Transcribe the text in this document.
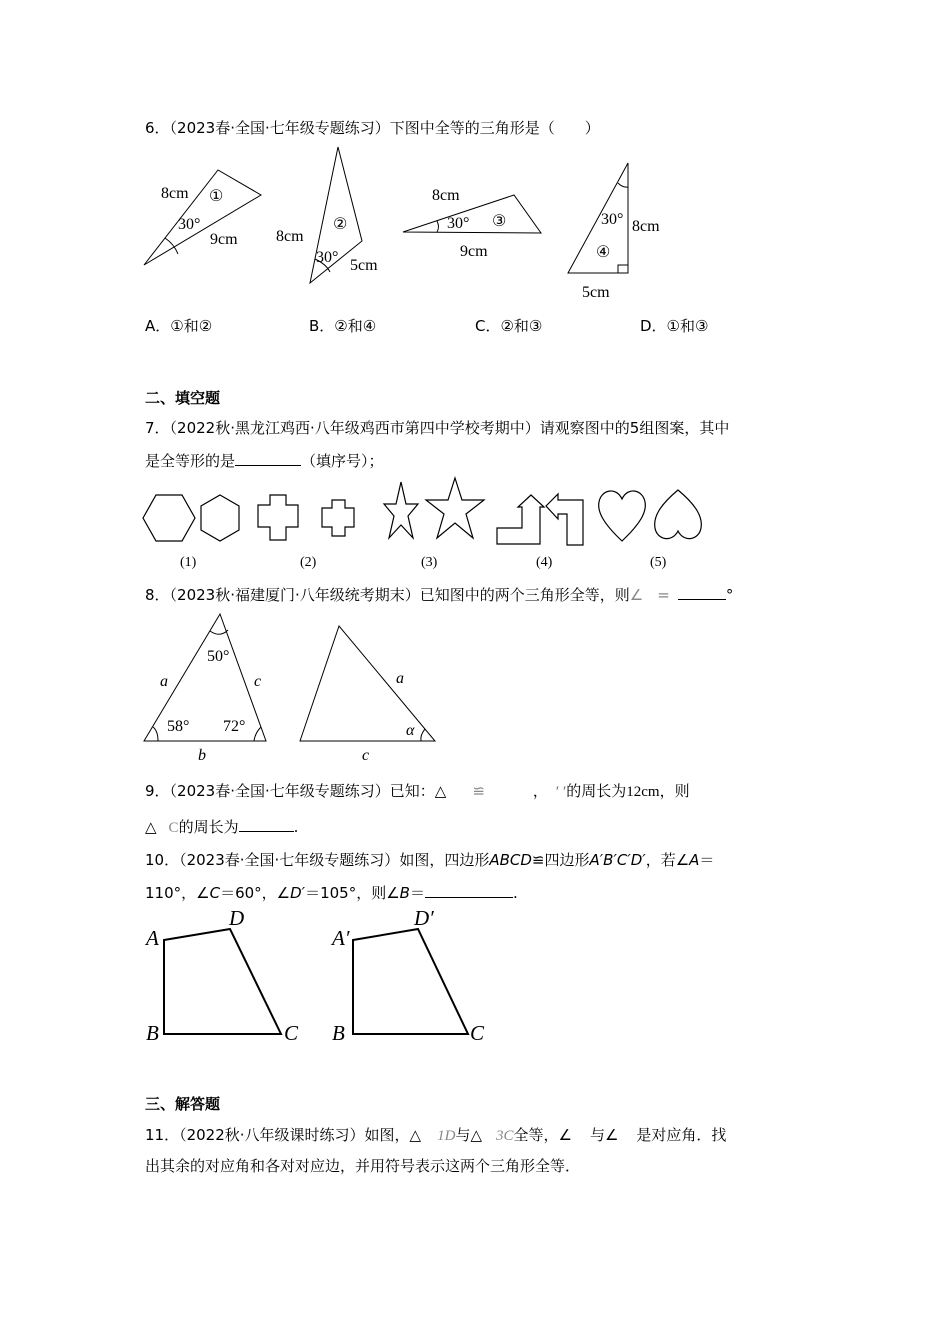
6．（2023春·全国·七年级专题练习）下图中全等的三角形是（　　）
8cm ①
30°
9cm 8cm
②
30° 5cm
8cm
30° ③
9cm
30° 8cm
④
5cm
A．①和②	B．②和④	C．②和③	D．①和③
二、填空题
7．（2022秋·黑龙江鸡西·八年级鸡西市第四中学校考期中）请观察图中的5组图案，其中
是全等形的是	（填序号）；
(1)	(2)	(3)	(4)	(5)
8．（2023秋·福建厦门·八年级统考期末）已知图中的两个三角形全等，则∠ =	°
50°
a	c
58° 72°
b
a
α
c
9．（2023春·全国·七年级专题练习）已知：△ ≌	， ′ ′的周长为12cm，则
△ C的周长为	.
10．（2023春·全国·七年级专题练习）如图，四边形ABCD≌四边形A′B′C′D′，若∠A＝
110°，∠C＝60°，∠D′＝105°，则∠B＝	.
A
D
B	C
A′
D′
B	C
三、解答题
11．（2022秋·八年级课时练习）如图，△ 1D与△ 3C全等，∠ 与∠ 是对应角．找
出其余的对应角和各对对应边，并用符号表示这两个三角形全等．
